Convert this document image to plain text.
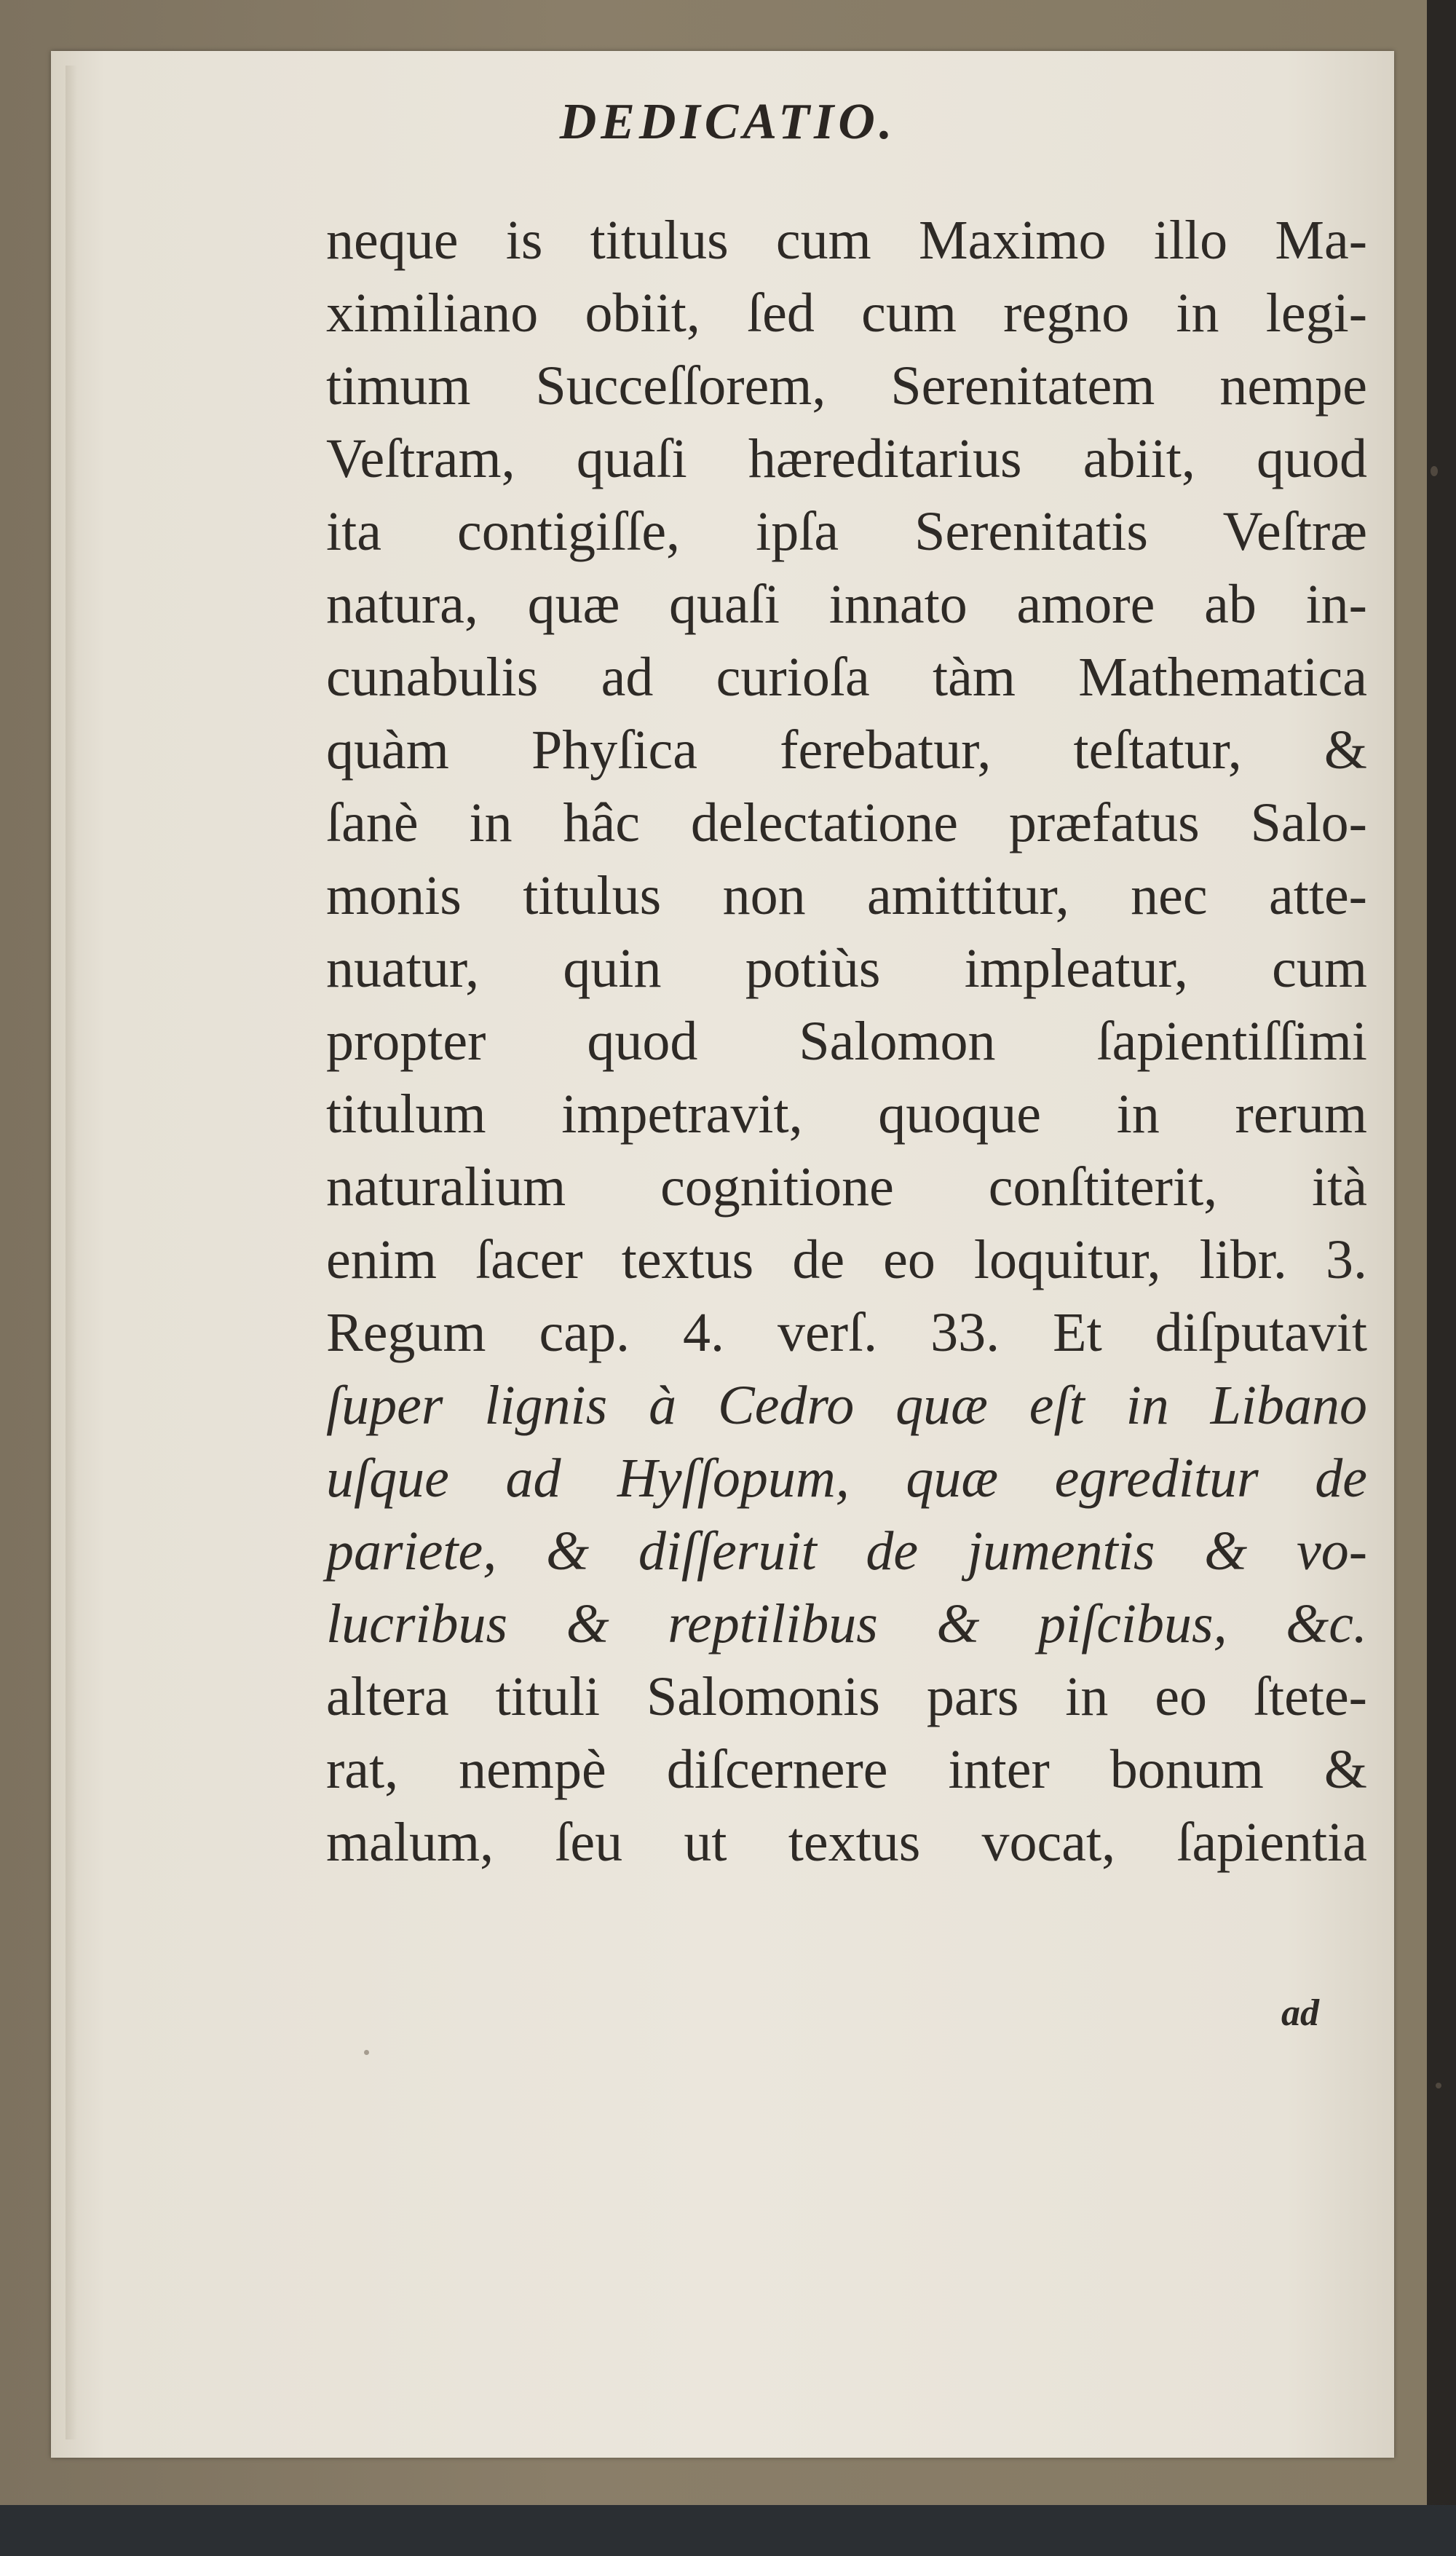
DEDICATIO.
neque is titulus cum Maximo illo Ma-
ximiliano obiit, ſed cum regno in legi-
timum Succeſſorem, Serenitatem nempe
Veſtram, quaſi hæreditarius abiit, quod
ita contigiſſe, ipſa Serenitatis Veſtræ
natura, quæ quaſi innato amore ab in-
cunabulis ad curioſa tàm Mathematica
quàm Phyſica ferebatur, teſtatur, &
ſanè in hâc delectatione præfatus Salo-
monis titulus non amittitur, nec atte-
nuatur, quin potiùs impleatur, cum
propter quod Salomon ſapientiſſimi
titulum impetravit, quoque in rerum
naturalium cognitione conſtiterit, ità
enim ſacer textus de eo loquitur, libr. 3.
Regum cap. 4. verſ. 33. Et diſputavit
ſuper lignis à Cedro quæ eſt in Libano
uſque ad Hyſſopum, quæ egreditur de
pariete, & diſſeruit de jumentis & vo-
lucribus & reptilibus & piſcibus, &c.
altera tituli Salomonis pars in eo ſtete-
rat, nempè diſcernere inter bonum &
malum, ſeu ut textus vocat, ſapientia
ad
